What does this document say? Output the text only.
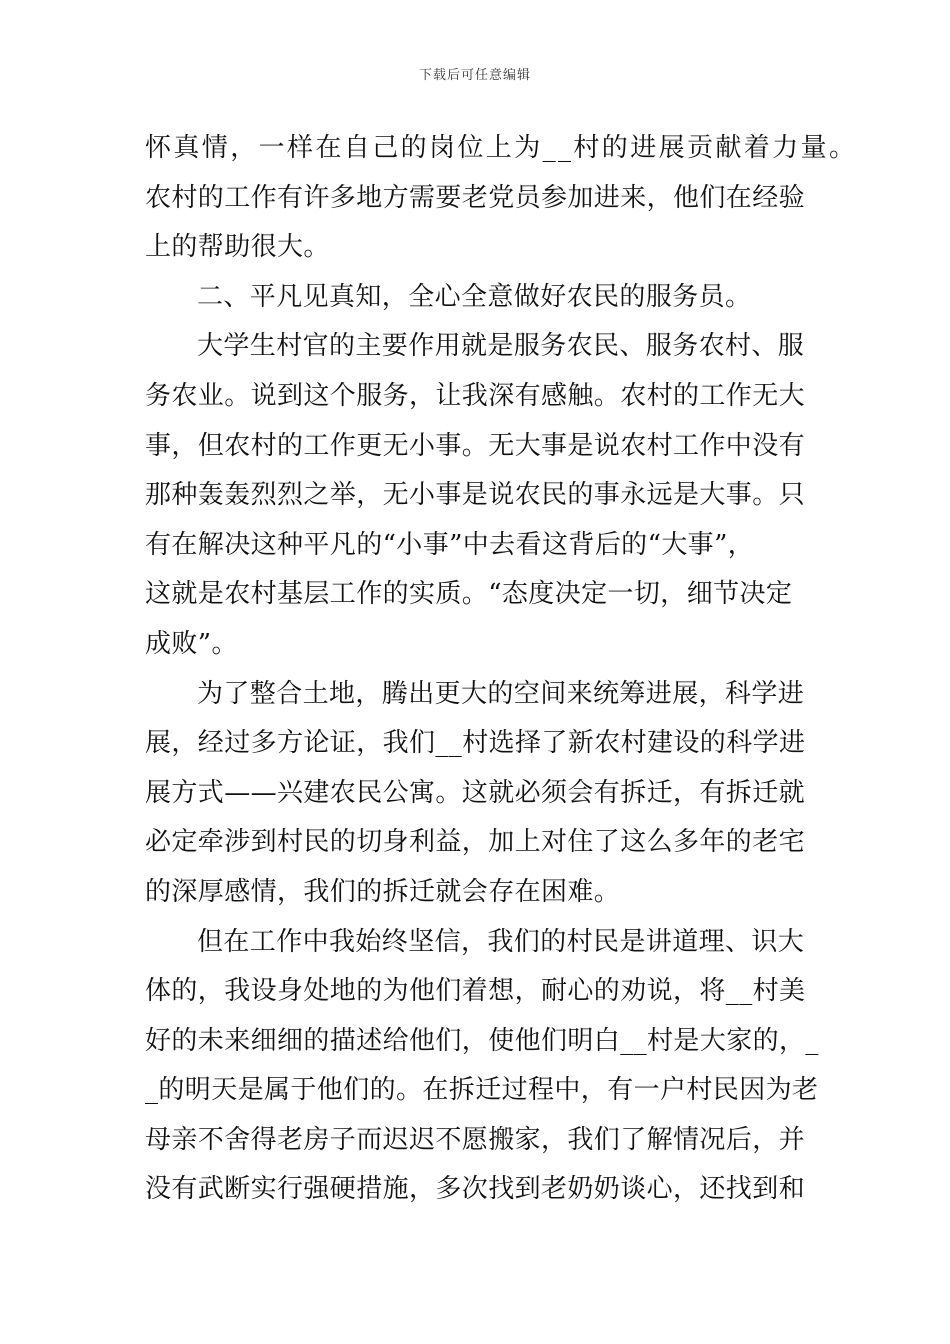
下载后可任意编辑
怀真情，一样在自己的岗位上为__村的进展贡献着力量。
农村的工作有许多地方需要老党员参加进来，他们在经验
上的帮助很大。
二、平凡见真知，全心全意做好农民的服务员。
大学生村官的主要作用就是服务农民、服务农村、服
务农业。说到这个服务，让我深有感触。农村的工作无大
事，但农村的工作更无小事。无大事是说农村工作中没有
那种轰轰烈烈之举，无小事是说农民的事永远是大事。只
有在解决这种平凡的“小事”中去看这背后的“大事”，
这就是农村基层工作的实质。“态度决定一切，细节决定
成败”。
为了整合土地，腾出更大的空间来统筹进展，科学进
展，经过多方论证，我们__村选择了新农村建设的科学进
展方式——兴建农民公寓。这就必须会有拆迁，有拆迁就
必定牵涉到村民的切身利益，加上对住了这么多年的老宅
的深厚感情，我们的拆迁就会存在困难。
但在工作中我始终坚信，我们的村民是讲道理、识大
体的，我设身处地的为他们着想，耐心的劝说，将__村美
好的未来细细的描述给他们，使他们明白__村是大家的，_
_的明天是属于他们的。在拆迁过程中，有一户村民因为老
母亲不舍得老房子而迟迟不愿搬家，我们了解情况后，并
没有武断实行强硬措施，多次找到老奶奶谈心，还找到和
